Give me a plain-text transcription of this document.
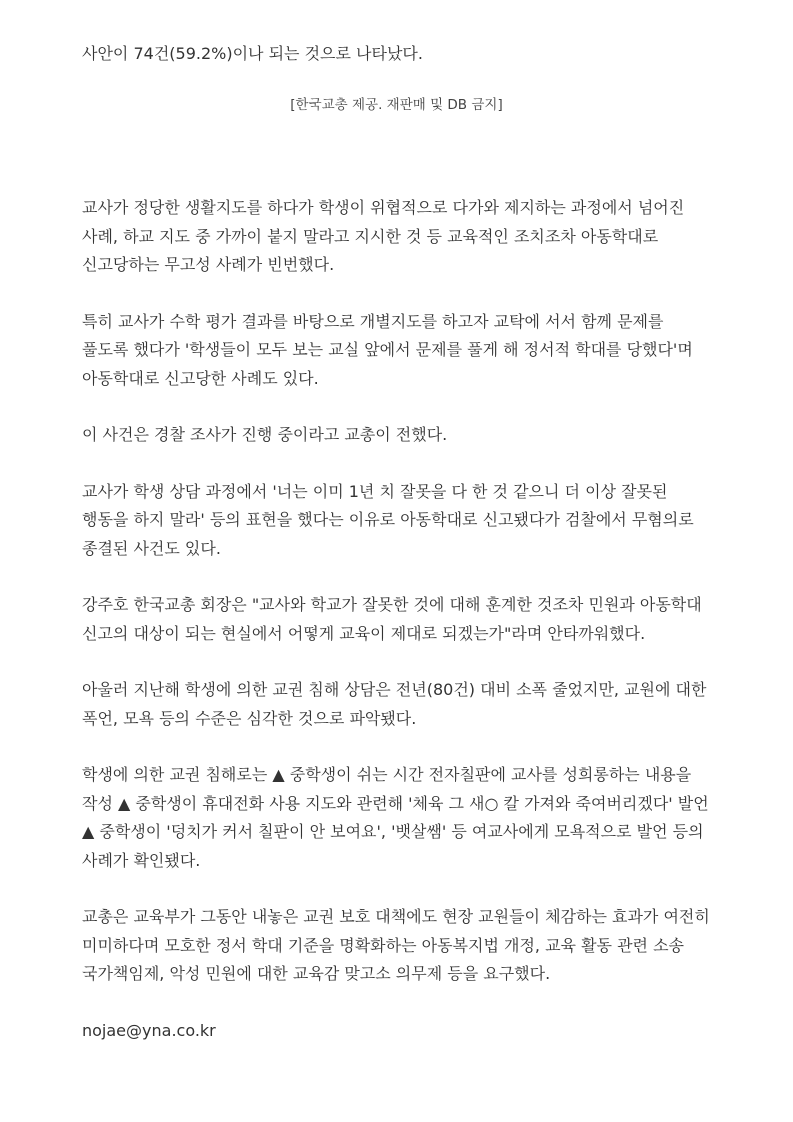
사안이 74건(59.2%)이나 되는 것으로 나타났다.

[한국교총 제공. 재판매 및 DB 금지]

교사가 정당한 생활지도를 하다가 학생이 위협적으로 다가와 제지하는 과정에서 넘어진 사례, 하교 지도 중 가까이 붙지 말라고 지시한 것 등 교육적인 조치조차 아동학대로 신고당하는 무고성 사례가 빈번했다.

특히 교사가 수학 평가 결과를 바탕으로 개별지도를 하고자 교탁에 서서 함께 문제를 풀도록 했다가 '학생들이 모두 보는 교실 앞에서 문제를 풀게 해 정서적 학대를 당했다'며 아동학대로 신고당한 사례도 있다.

이 사건은 경찰 조사가 진행 중이라고 교총이 전했다.

교사가 학생 상담 과정에서 '너는 이미 1년 치 잘못을 다 한 것 같으니 더 이상 잘못된 행동을 하지 말라' 등의 표현을 했다는 이유로 아동학대로 신고됐다가 검찰에서 무혐의로 종결된 사건도 있다.

강주호 한국교총 회장은 "교사와 학교가 잘못한 것에 대해 훈계한 것조차 민원과 아동학대 신고의 대상이 되는 현실에서 어떻게 교육이 제대로 되겠는가"라며 안타까워했다.

아울러 지난해 학생에 의한 교권 침해 상담은 전년(80건) 대비 소폭 줄었지만, 교원에 대한 폭언, 모욕 등의 수준은 심각한 것으로 파악됐다.

학생에 의한 교권 침해로는 ▲ 중학생이 쉬는 시간 전자칠판에 교사를 성희롱하는 내용을 작성 ▲ 중학생이 휴대전화 사용 지도와 관련해 '체육 그 새○ 칼 가져와 죽여버리겠다' 발언 ▲ 중학생이 '덩치가 커서 칠판이 안 보여요', '뱃살쌤' 등 여교사에게 모욕적으로 발언 등의 사례가 확인됐다.

교총은 교육부가 그동안 내놓은 교권 보호 대책에도 현장 교원들이 체감하는 효과가 여전히 미미하다며 모호한 정서 학대 기준을 명확화하는 아동복지법 개정, 교육 활동 관련 소송 국가책임제, 악성 민원에 대한 교육감 맞고소 의무제 등을 요구했다.

nojae@yna.co.kr
